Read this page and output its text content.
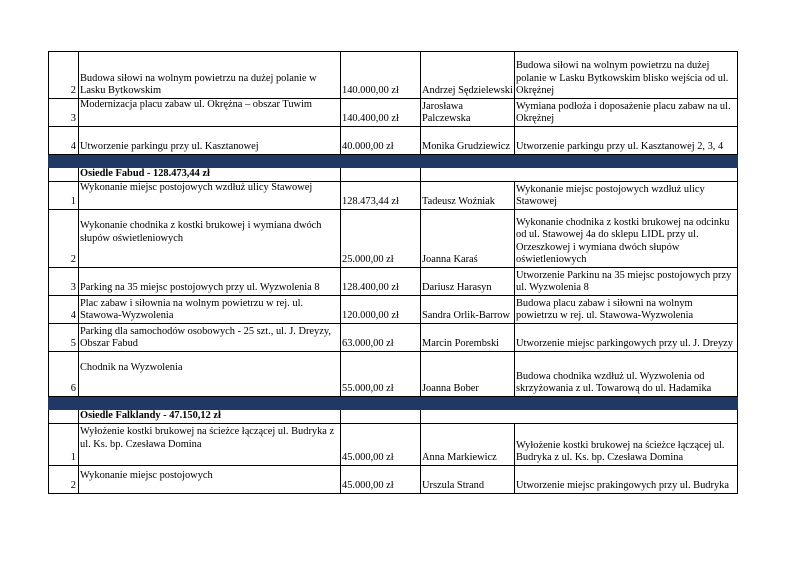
2	Budowa siłowi na wolnym powietrzu na dużej polanie w Lasku Bytkowskim	140.000,00 zł	Andrzej Sędzielewski	Budowa siłowi na wolnym powietrzu na dużej polanie w Lasku Bytkowskim blisko wejścia od ul. Okrężnej
3	Modernizacja placu zabaw ul. Okrężna – obszar Tuwim	140.400,00 zł	Jarosława Palczewska	Wymiana podłoża i doposażenie placu zabaw na ul. Okrężnej
4	Utworzenie parkingu przy ul. Kasztanowej	40.000,00 zł	Monika Grudziewicz	Utworzenie parkingu przy ul. Kasztanowej 2, 3, 4

	Osiedle Fabud - 128.473,44 zł			
1	Wykonanie miejsc postojowych wzdłuż ulicy Stawowej	128.473,44 zł	Tadeusz Woźniak	Wykonanie miejsc postojowych wzdłuż ulicy Stawowej
2	Wykonanie chodnika z kostki brukowej i wymiana dwóch słupów oświetleniowych	25.000,00 zł	Joanna Karaś	Wykonanie chodnika z kostki brukowej na odcinku od ul. Stawowej 4a do sklepu LIDL przy ul. Orzeszkowej i wymiana dwóch słupów oświetleniowych
3	Parking na 35 miejsc postojowych przy ul. Wyzwolenia 8	128.400,00 zł	Dariusz Harasyn	Utworzenie Parkinu na 35 miejsc postojowych przy ul. Wyzwolenia 8
4	Plac zabaw i siłownia na wolnym powietrzu w rej. ul. Stawowa-Wyzwolenia	120.000,00 zł	Sandra Orlik-Barrow	Budowa placu zabaw i siłowni na wolnym powietrzu w rej. ul. Stawowa-Wyzwolenia
5	Parking dla samochodów osobowych - 25 szt., ul. J. Dreyzy, Obszar Fabud	63.000,00 zł	Marcin Porembski	Utworzenie miejsc parkingowych przy ul. J. Dreyzy
6	Chodnik na Wyzwolenia	55.000,00 zł	Joanna Bober	Budowa chodnika wzdłuż ul. Wyzwolenia od skrzyżowania z ul. Towarową do ul. Hadamika

	Osiedle Falklandy - 47.150,12 zł			
1	Wyłożenie kostki brukowej na ścieżce łączącej ul. Budryka z ul. Ks. bp. Czesława Domina	45.000,00 zł	Anna Markiewicz	Wyłożenie kostki brukowej na ścieżce łączącej ul. Budryka z ul. Ks. bp. Czesława Domina
2	Wykonanie miejsc postojowych	45.000,00 zł	Urszula Strand	Utworzenie miejsc prakingowych przy ul. Budryka
